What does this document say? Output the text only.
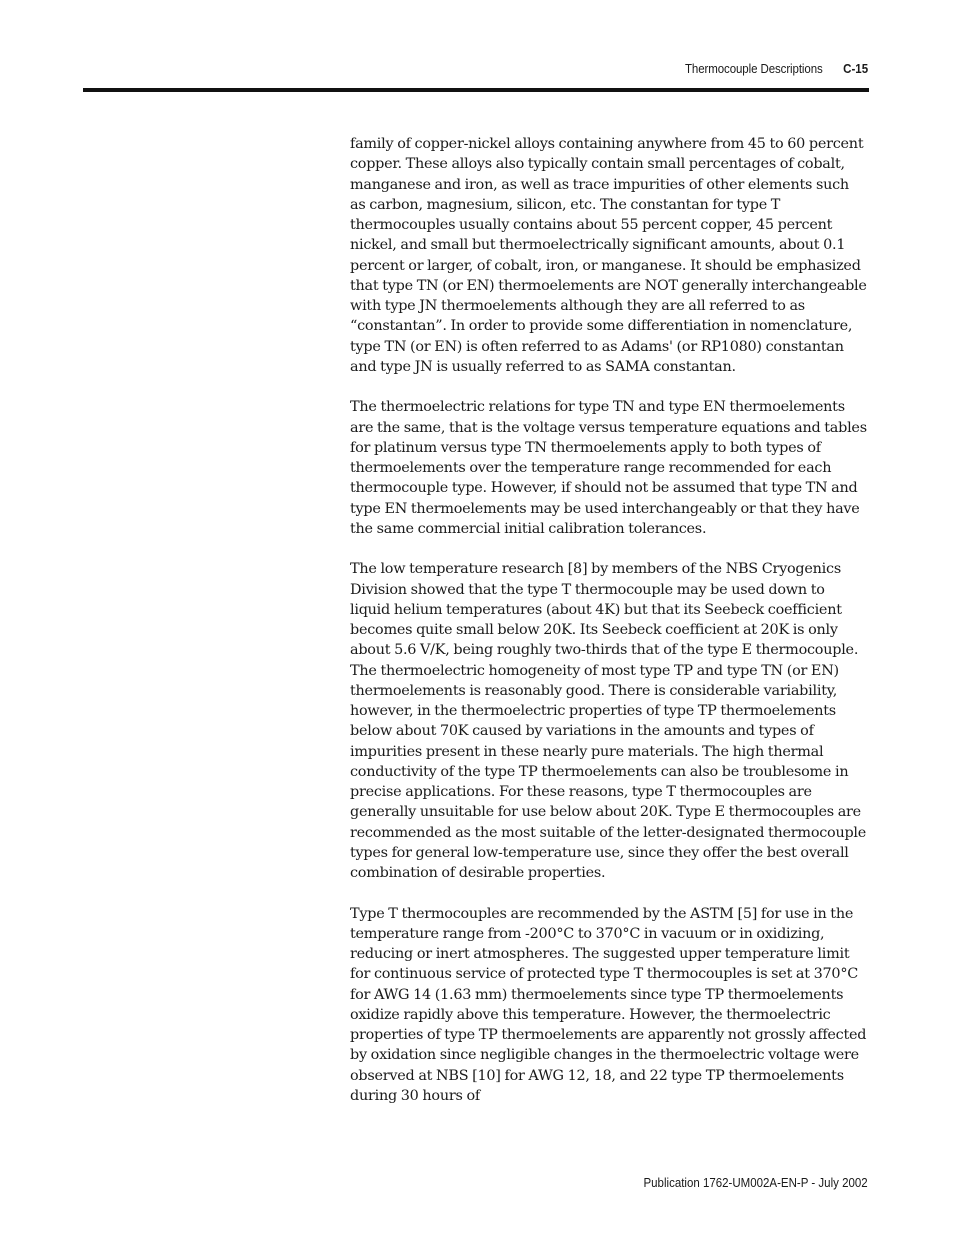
Thermocouple Descriptions C-15

family of copper-nickel alloys containing anywhere from 45 to 60 percent copper. These alloys also typically contain small percentages of cobalt, manganese and iron, as well as trace impurities of other elements such as carbon, magnesium, silicon, etc. The constantan for type T thermocouples usually contains about 55 percent copper, 45 percent nickel, and small but thermoelectrically significant amounts, about 0.1 percent or larger, of cobalt, iron, or manganese. It should be emphasized that type TN (or EN) thermoelements are NOT generally interchangeable with type JN thermoelements although they are all referred to as “constantan”. In order to provide some differentiation in nomenclature, type TN (or EN) is often referred to as Adams' (or RP1080) constantan and type JN is usually referred to as SAMA constantan.

The thermoelectric relations for type TN and type EN thermoelements are the same, that is the voltage versus temperature equations and tables for platinum versus type TN thermoelements apply to both types of thermoelements over the temperature range recommended for each thermocouple type. However, if should not be assumed that type TN and type EN thermoelements may be used interchangeably or that they have the same commercial initial calibration tolerances.

The low temperature research [8] by members of the NBS Cryogenics Division showed that the type T thermocouple may be used down to liquid helium temperatures (about 4K) but that its Seebeck coefficient becomes quite small below 20K. Its Seebeck coefficient at 20K is only about 5.6 V/K, being roughly two-thirds that of the type E thermocouple. The thermoelectric homogeneity of most type TP and type TN (or EN) thermoelements is reasonably good. There is considerable variability, however, in the thermoelectric properties of type TP thermoelements below about 70K caused by variations in the amounts and types of impurities present in these nearly pure materials. The high thermal conductivity of the type TP thermoelements can also be troublesome in precise applications. For these reasons, type T thermocouples are generally unsuitable for use below about 20K. Type E thermocouples are recommended as the most suitable of the letter-designated thermocouple types for general low-temperature use, since they offer the best overall combination of desirable properties.

Type T thermocouples are recommended by the ASTM [5] for use in the temperature range from -200°C to 370°C in vacuum or in oxidizing, reducing or inert atmospheres. The suggested upper temperature limit for continuous service of protected type T thermocouples is set at 370°C for AWG 14 (1.63 mm) thermoelements since type TP thermoelements oxidize rapidly above this temperature. However, the thermoelectric properties of type TP thermoelements are apparently not grossly affected by oxidation since negligible changes in the thermoelectric voltage were observed at NBS [10] for AWG 12, 18, and 22 type TP thermoelements during 30 hours of

Publication 1762-UM002A-EN-P - July 2002
